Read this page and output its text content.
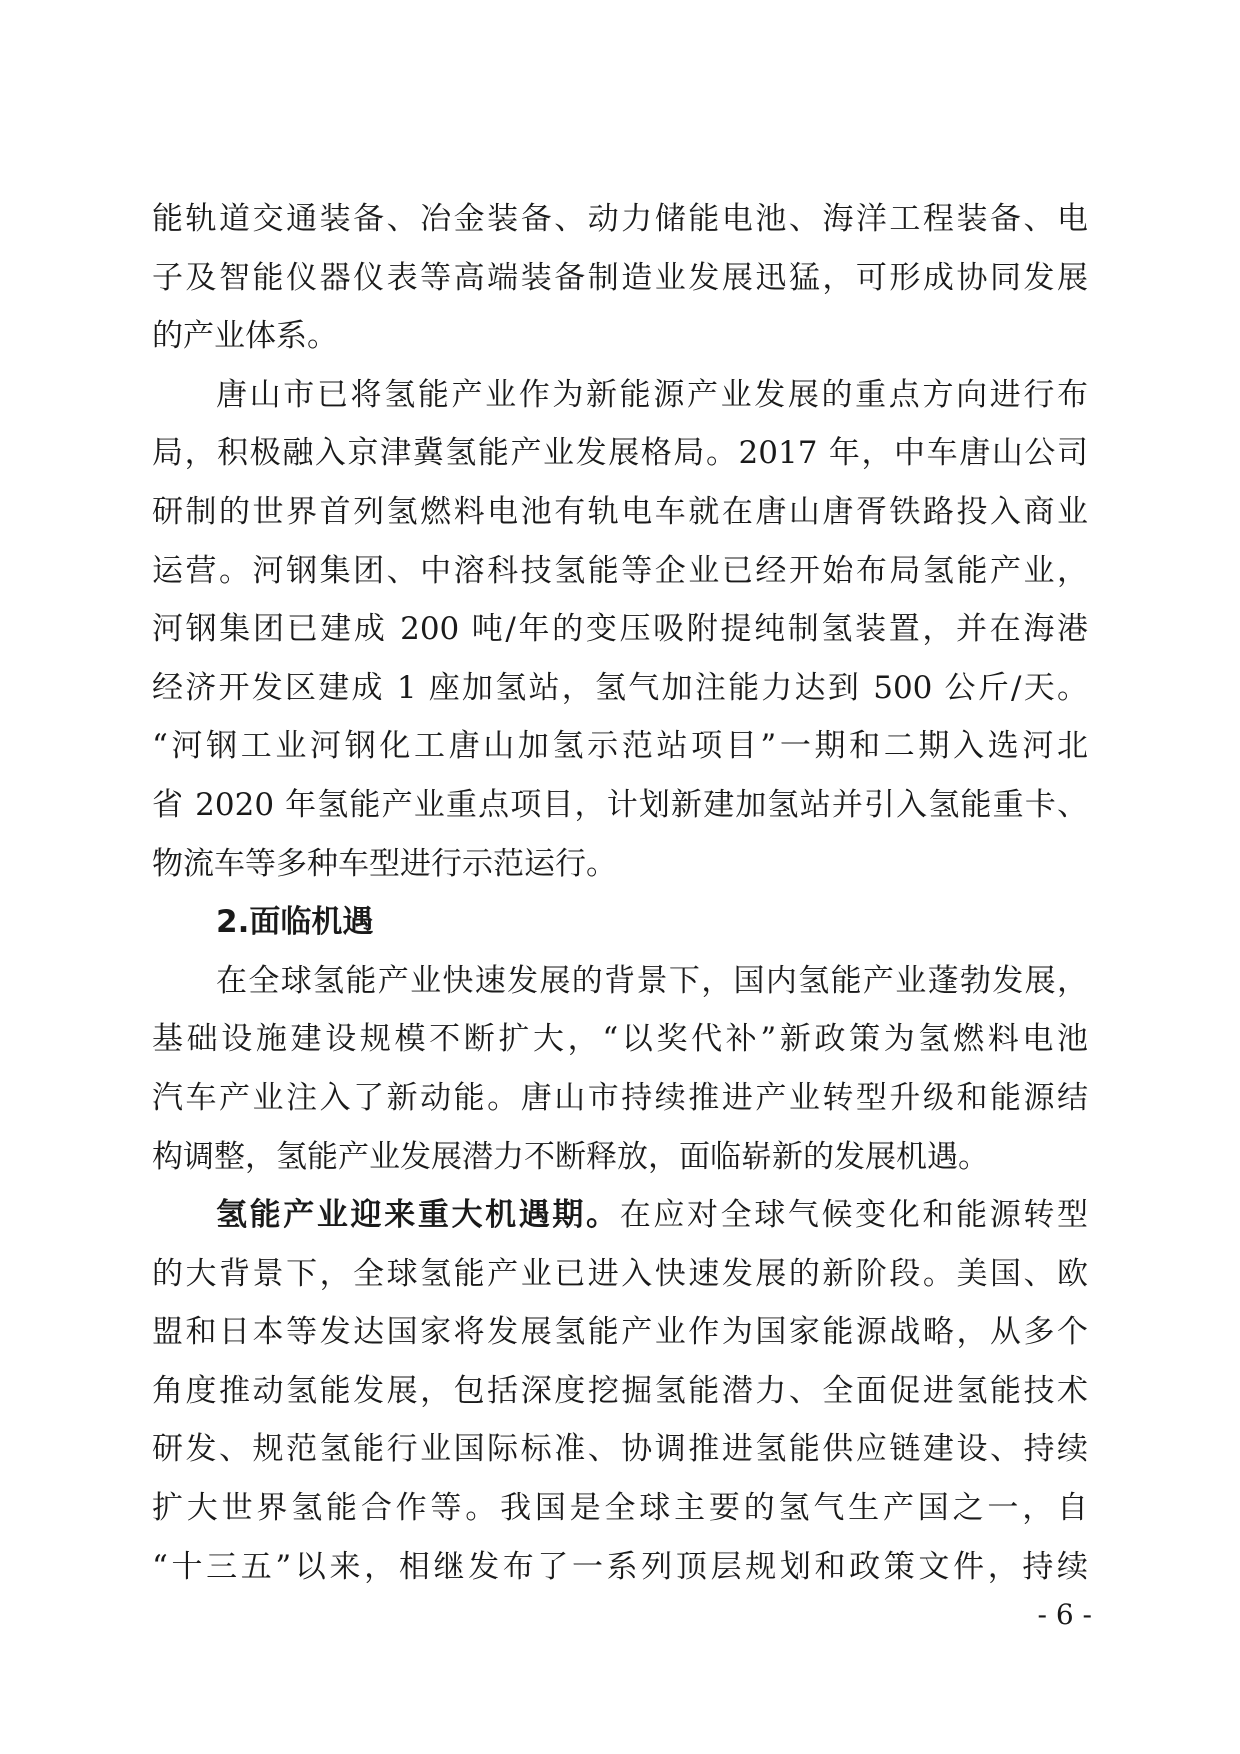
能轨道交通装备、冶金装备、动力储能电池、海洋工程装备、电
子及智能仪器仪表等高端装备制造业发展迅猛，可形成协同发展
的产业体系。
唐山市已将氢能产业作为新能源产业发展的重点方向进行布
局，积极融入京津冀氢能产业发展格局。2017 年，中车唐山公司
研制的世界首列氢燃料电池有轨电车就在唐山唐胥铁路投入商业
运营。河钢集团、中溶科技氢能等企业已经开始布局氢能产业，
河钢集团已建成 200 吨/年的变压吸附提纯制氢装置，并在海港
经济开发区建成 1 座加氢站，氢气加注能力达到 500 公斤/天。
“河钢工业河钢化工唐山加氢示范站项目”一期和二期入选河北
省 2020 年氢能产业重点项目，计划新建加氢站并引入氢能重卡、
物流车等多种车型进行示范运行。
2.面临机遇
在全球氢能产业快速发展的背景下，国内氢能产业蓬勃发展，
基础设施建设规模不断扩大，“以奖代补”新政策为氢燃料电池
汽车产业注入了新动能。唐山市持续推进产业转型升级和能源结
构调整，氢能产业发展潜力不断释放，面临崭新的发展机遇。
氢能产业迎来重大机遇期。在应对全球气候变化和能源转型
的大背景下，全球氢能产业已进入快速发展的新阶段。美国、欧
盟和日本等发达国家将发展氢能产业作为国家能源战略，从多个
角度推动氢能发展，包括深度挖掘氢能潜力、全面促进氢能技术
研发、规范氢能行业国际标准、协调推进氢能供应链建设、持续
扩大世界氢能合作等。我国是全球主要的氢气生产国之一，自
“十三五”以来，相继发布了一系列顶层规划和政策文件，持续
- 6 -
